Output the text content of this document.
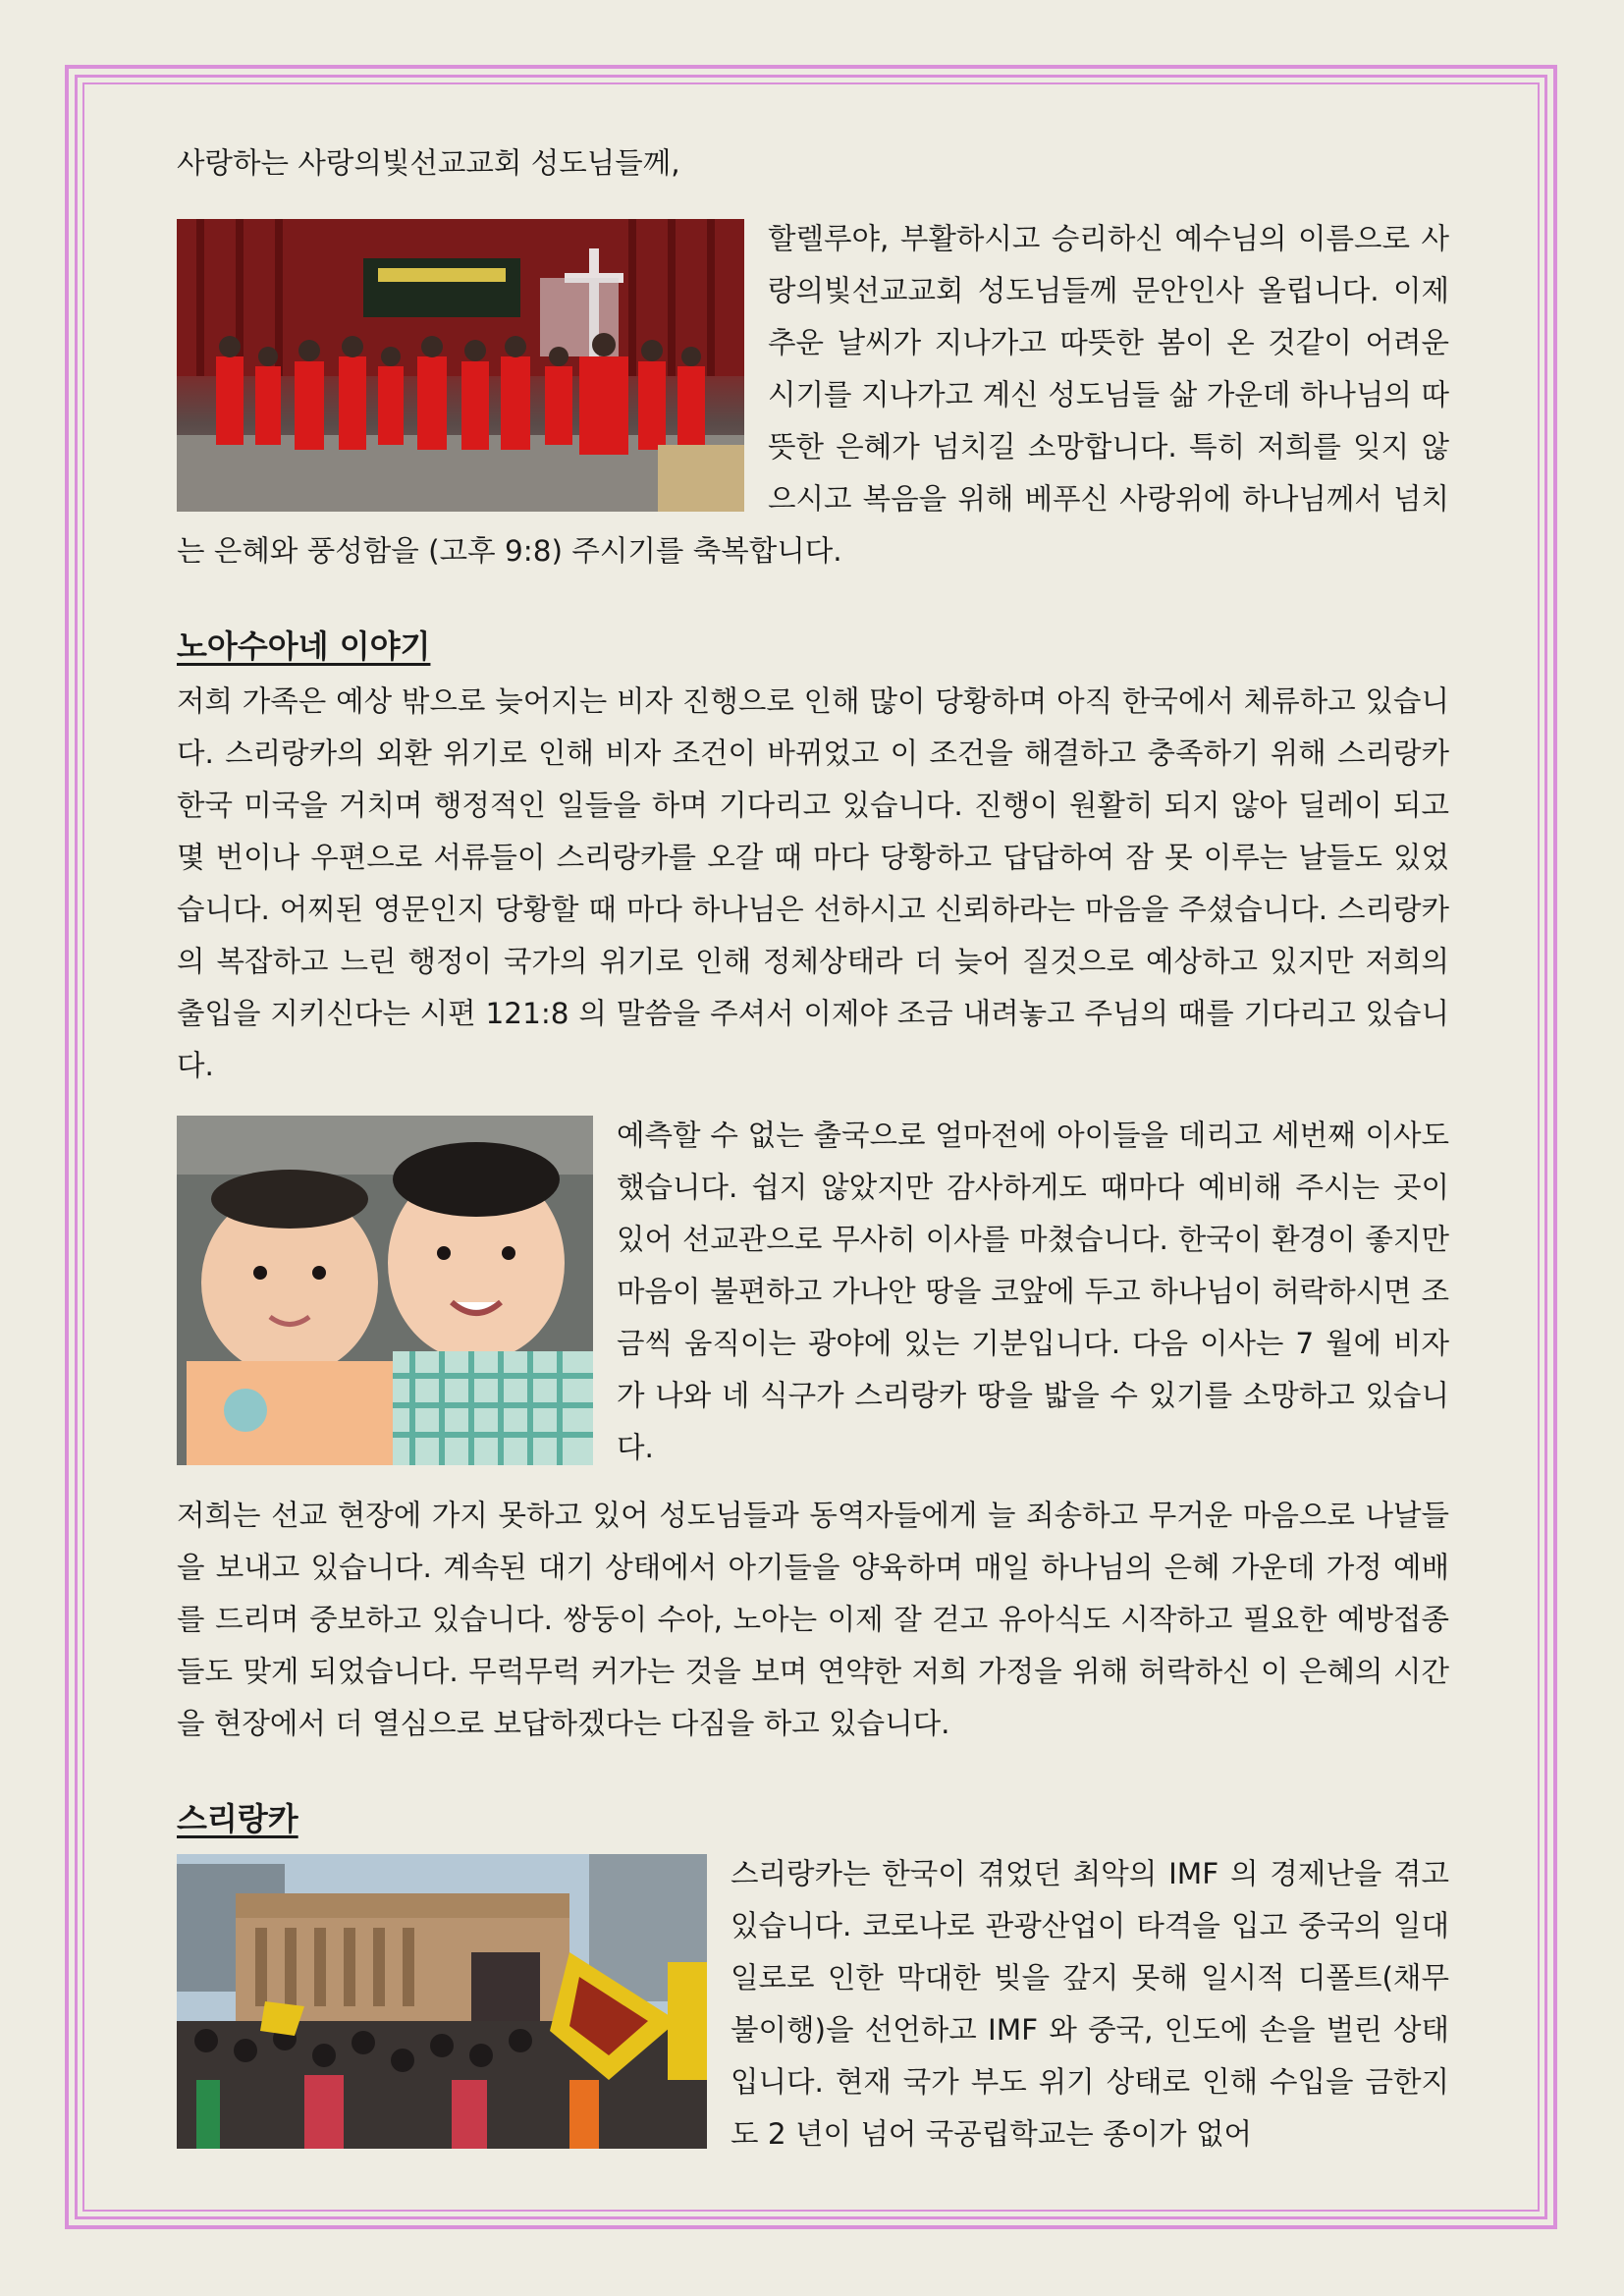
사랑하는 사랑의빛선교교회 성도님들께,

할렐루야, 부활하시고 승리하신 예수님의 이름으로 사랑의빛선교교회 성도님들께 문안인사 올립니다. 이제 추운 날씨가 지나가고 따뜻한 봄이 온 것같이 어려운 시기를 지나가고 계신 성도님들 삶 가운데 하나님의 따뜻한 은혜가 넘치길 소망합니다. 특히 저희를 잊지 않으시고 복음을 위해 베푸신 사랑위에 하나님께서 넘치는 은혜와 풍성함을 (고후 9:8) 주시기를 축복합니다.

노아수아네 이야기

저희 가족은 예상 밖으로 늦어지는 비자 진행으로 인해 많이 당황하며 아직 한국에서 체류하고 있습니다. 스리랑카의 외환 위기로 인해 비자 조건이 바뀌었고 이 조건을 해결하고 충족하기 위해 스리랑카 한국 미국을 거치며 행정적인 일들을 하며 기다리고 있습니다. 진행이 원활히 되지 않아 딜레이 되고 몇 번이나 우편으로 서류들이 스리랑카를 오갈 때 마다 당황하고 답답하여 잠 못 이루는 날들도 있었습니다. 어찌된 영문인지 당황할 때 마다 하나님은 선하시고 신뢰하라는 마음을 주셨습니다. 스리랑카의 복잡하고 느린 행정이 국가의 위기로 인해 정체상태라 더 늦어 질것으로 예상하고 있지만 저희의 출입을 지키신다는 시편 121:8 의 말씀을 주셔서 이제야 조금 내려놓고 주님의 때를 기다리고 있습니다.

예측할 수 없는 출국으로 얼마전에 아이들을 데리고 세번째 이사도 했습니다. 쉽지 않았지만 감사하게도 때마다 예비해 주시는 곳이 있어 선교관으로 무사히 이사를 마쳤습니다. 한국이 환경이 좋지만 마음이 불편하고 가나안 땅을 코앞에 두고 하나님이 허락하시면 조금씩 움직이는 광야에 있는 기분입니다. 다음 이사는 7 월에 비자가 나와 네 식구가 스리랑카 땅을 밟을 수 있기를 소망하고 있습니다.

저희는 선교 현장에 가지 못하고 있어 성도님들과 동역자들에게 늘 죄송하고 무거운 마음으로 나날들을 보내고 있습니다. 계속된 대기 상태에서 아기들을 양육하며 매일 하나님의 은혜 가운데 가정 예배를 드리며 중보하고 있습니다. 쌍둥이 수아, 노아는 이제 잘 걷고 유아식도 시작하고 필요한 예방접종들도 맞게 되었습니다. 무럭무럭 커가는 것을 보며 연약한 저희 가정을 위해 허락하신 이 은혜의 시간을 현장에서 더 열심으로 보답하겠다는 다짐을 하고 있습니다.

스리랑카

스리랑카는 한국이 겪었던 최악의 IMF 의 경제난을 겪고 있습니다. 코로나로 관광산업이 타격을 입고 중국의 일대일로로 인한 막대한 빚을 갚지 못해 일시적 디폴트(채무불이행)을 선언하고 IMF 와 중국, 인도에 손을 벌린 상태입니다. 현재 국가 부도 위기 상태로 인해 수입을 금한지도 2 년이 넘어 국공립학교는 종이가 없어
